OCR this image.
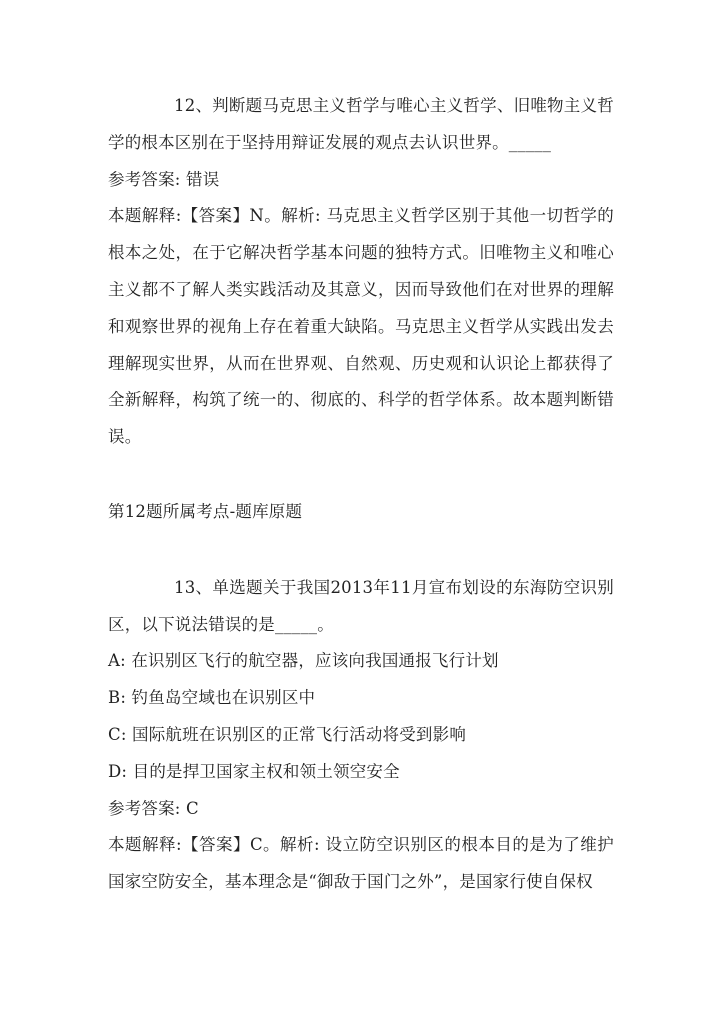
12、判断题马克思主义哲学与唯心主义哲学、旧唯物主义哲学的根本区别在于坚持用辩证发展的观点去认识世界。_____

参考答案: 错误

本题解释:【答案】N。解析: 马克思主义哲学区别于其他一切哲学的根本之处，在于它解决哲学基本问题的独特方式。旧唯物主义和唯心主义都不了解人类实践活动及其意义，因而导致他们在对世界的理解和观察世界的视角上存在着重大缺陷。马克思主义哲学从实践出发去理解现实世界，从而在世界观、自然观、历史观和认识论上都获得了全新解释，构筑了统一的、彻底的、科学的哲学体系。故本题判断错误。

第12题所属考点-题库原题

13、单选题关于我国2013年11月宣布划设的东海防空识别区，以下说法错误的是_____。

A: 在识别区飞行的航空器，应该向我国通报飞行计划

B: 钓鱼岛空域也在识别区中

C: 国际航班在识别区的正常飞行活动将受到影响

D: 目的是捍卫国家主权和领土领空安全

参考答案: C

本题解释:【答案】C。解析: 设立防空识别区的根本目的是为了维护国家空防安全，基本理念是“御敌于国门之外”，是国家行使自保权
